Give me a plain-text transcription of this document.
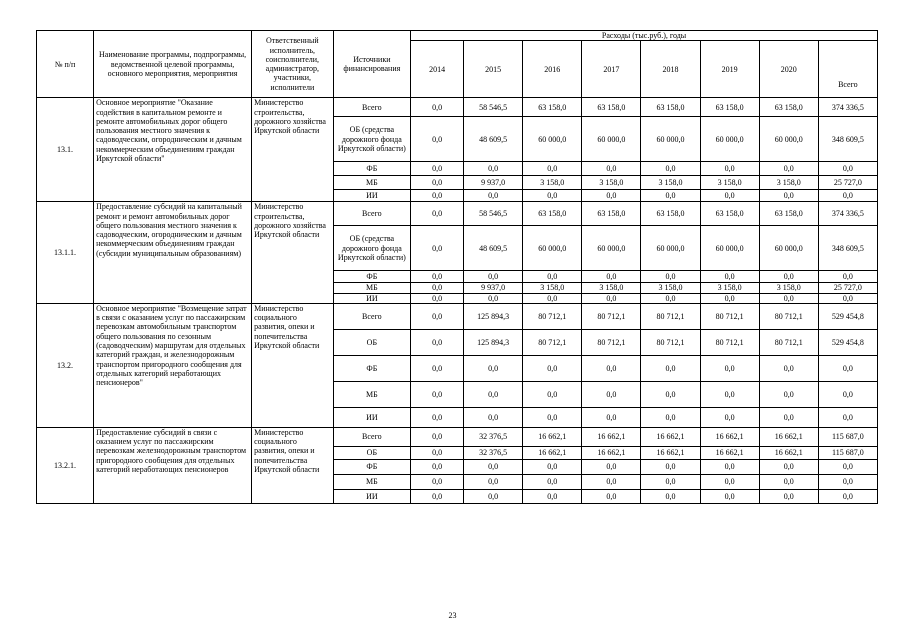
№ п/п	Наименование программы, подпрограммы, ведомственной целевой программы, основного мероприятия, мероприятия	Ответственный исполнитель, соисполнители, администратор, участники, исполнители	Источники финансирования	Расходы (тыс.руб.), годы							
				2014	2015	2016	2017	2018	2019	2020	Всего
13.1.	Основное мероприятие "Оказание содействия в капитальном ремонте и ремонте автомобильных дорог общего пользования местного значения к садоводческим, огородническим и дачным некоммерческим объединениям граждан Иркутской области"	Министерство строительства, дорожного хозяйства Иркутской области	Всего	0,0	58 546,5	63 158,0	63 158,0	63 158,0	63 158,0	63 158,0	374 336,5
			ОБ (средства дорожного фонда Иркутской области)	0,0	48 609,5	60 000,0	60 000,0	60 000,0	60 000,0	60 000,0	348 609,5
			ФБ	0,0	0,0	0,0	0,0	0,0	0,0	0,0	0,0
			МБ	0,0	9 937,0	3 158,0	3 158,0	3 158,0	3 158,0	3 158,0	25 727,0
			ИИ	0,0	0,0	0,0	0,0	0,0	0,0	0,0	0,0
13.1.1.	Предоставление субсидий на капитальный ремонт и ремонт автомобильных дорог общего пользования местного значения к садоводческим, огородническим и дачным некоммерческим объединениям граждан (субсидии муниципальным образованиям)	Министерство строительства, дорожного хозяйства Иркутской области	Всего	0,0	58 546,5	63 158,0	63 158,0	63 158,0	63 158,0	63 158,0	374 336,5
			ОБ (средства дорожного фонда Иркутской области)	0,0	48 609,5	60 000,0	60 000,0	60 000,0	60 000,0	60 000,0	348 609,5
			ФБ	0,0	0,0	0,0	0,0	0,0	0,0	0,0	0,0
			МБ	0,0	9 937,0	3 158,0	3 158,0	3 158,0	3 158,0	3 158,0	25 727,0
			ИИ	0,0	0,0	0,0	0,0	0,0	0,0	0,0	0,0
13.2.	Основное мероприятие "Возмещение затрат в связи с оказанием услуг по пассажирским перевозкам автомобильным транспортом общего пользования по сезонным (садоводческим) маршрутам для отдельных категорий граждан, и железнодорожным транспортом пригородного сообщения для отдельных категорий неработающих пенсионеров"	Министерство социального развития, опеки и попечительства Иркутской области	Всего	0,0	125 894,3	80 712,1	80 712,1	80 712,1	80 712,1	80 712,1	529 454,8
			ОБ	0,0	125 894,3	80 712,1	80 712,1	80 712,1	80 712,1	80 712,1	529 454,8
			ФБ	0,0	0,0	0,0	0,0	0,0	0,0	0,0	0,0
			МБ	0,0	0,0	0,0	0,0	0,0	0,0	0,0	0,0
			ИИ	0,0	0,0	0,0	0,0	0,0	0,0	0,0	0,0
13.2.1.	Предоставление субсидий в связи с оказанием услуг по пассажирским перевозкам железнодорожным транспортом пригородного сообщения для отдельных категорий неработающих пенсионеров	Министерство социального развития, опеки и попечительства Иркутской области	Всего	0,0	32 376,5	16 662,1	16 662,1	16 662,1	16 662,1	16 662,1	115 687,0
			ОБ	0,0	32 376,5	16 662,1	16 662,1	16 662,1	16 662,1	16 662,1	115 687,0
			ФБ	0,0	0,0	0,0	0,0	0,0	0,0	0,0	0,0
			МБ	0,0	0,0	0,0	0,0	0,0	0,0	0,0	0,0
			ИИ	0,0	0,0	0,0	0,0	0,0	0,0	0,0	0,0
23
